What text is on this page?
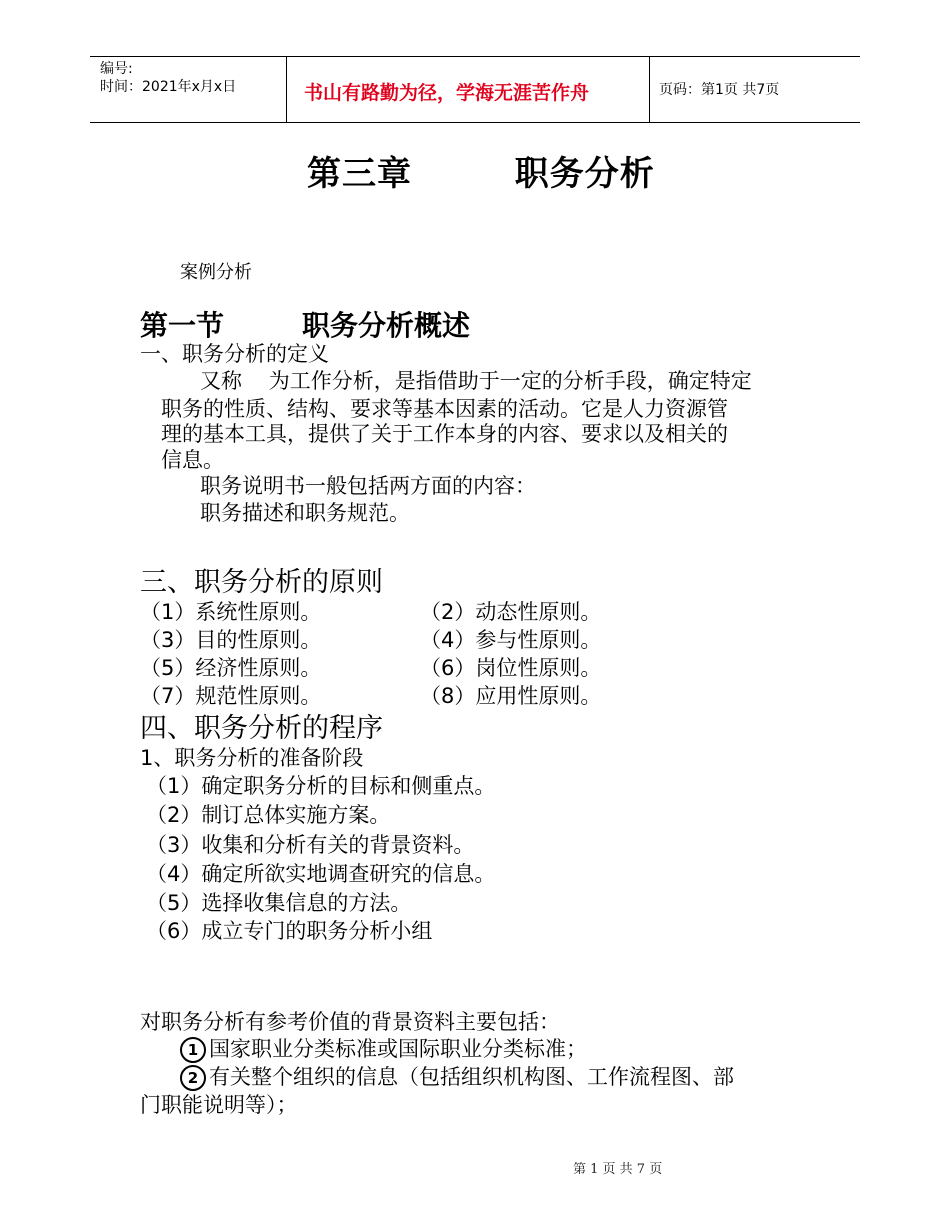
编号:
时间：2021年x月x日	书山有路勤为径，学海无涯苦作舟	页码：第1页 共7页
第三章        职务分析
案例分析
第一节        职务分析概述
一、职务分析的定义
又称    为工作分析，是指借助于一定的分析手段，确定特定
职务的性质、结构、要求等基本因素的活动。它是人力资源管
理的基本工具，提供了关于工作本身的内容、要求以及相关的
信息。
职务说明书一般包括两方面的内容：
职务描述和职务规范。
三、职务分析的原则
（1）系统性原则。	（2）动态性原则。
（3）目的性原则。	（4）参与性原则。
（5）经济性原则。	（6）岗位性原则。
（7）规范性原则。	（8）应用性原则。
四、职务分析的程序
1、职务分析的准备阶段
（1）确定职务分析的目标和侧重点。
（2）制订总体实施方案。
（3）收集和分析有关的背景资料。
（4）确定所欲实地调查研究的信息。
（5）选择收集信息的方法。
（6）成立专门的职务分析小组
对职务分析有参考价值的背景资料主要包括：
1 国家职业分类标准或国际职业分类标准；
2 有关整个组织的信息（包括组织机构图、工作流程图、部
门职能说明等）；
第 1 页 共 7 页
